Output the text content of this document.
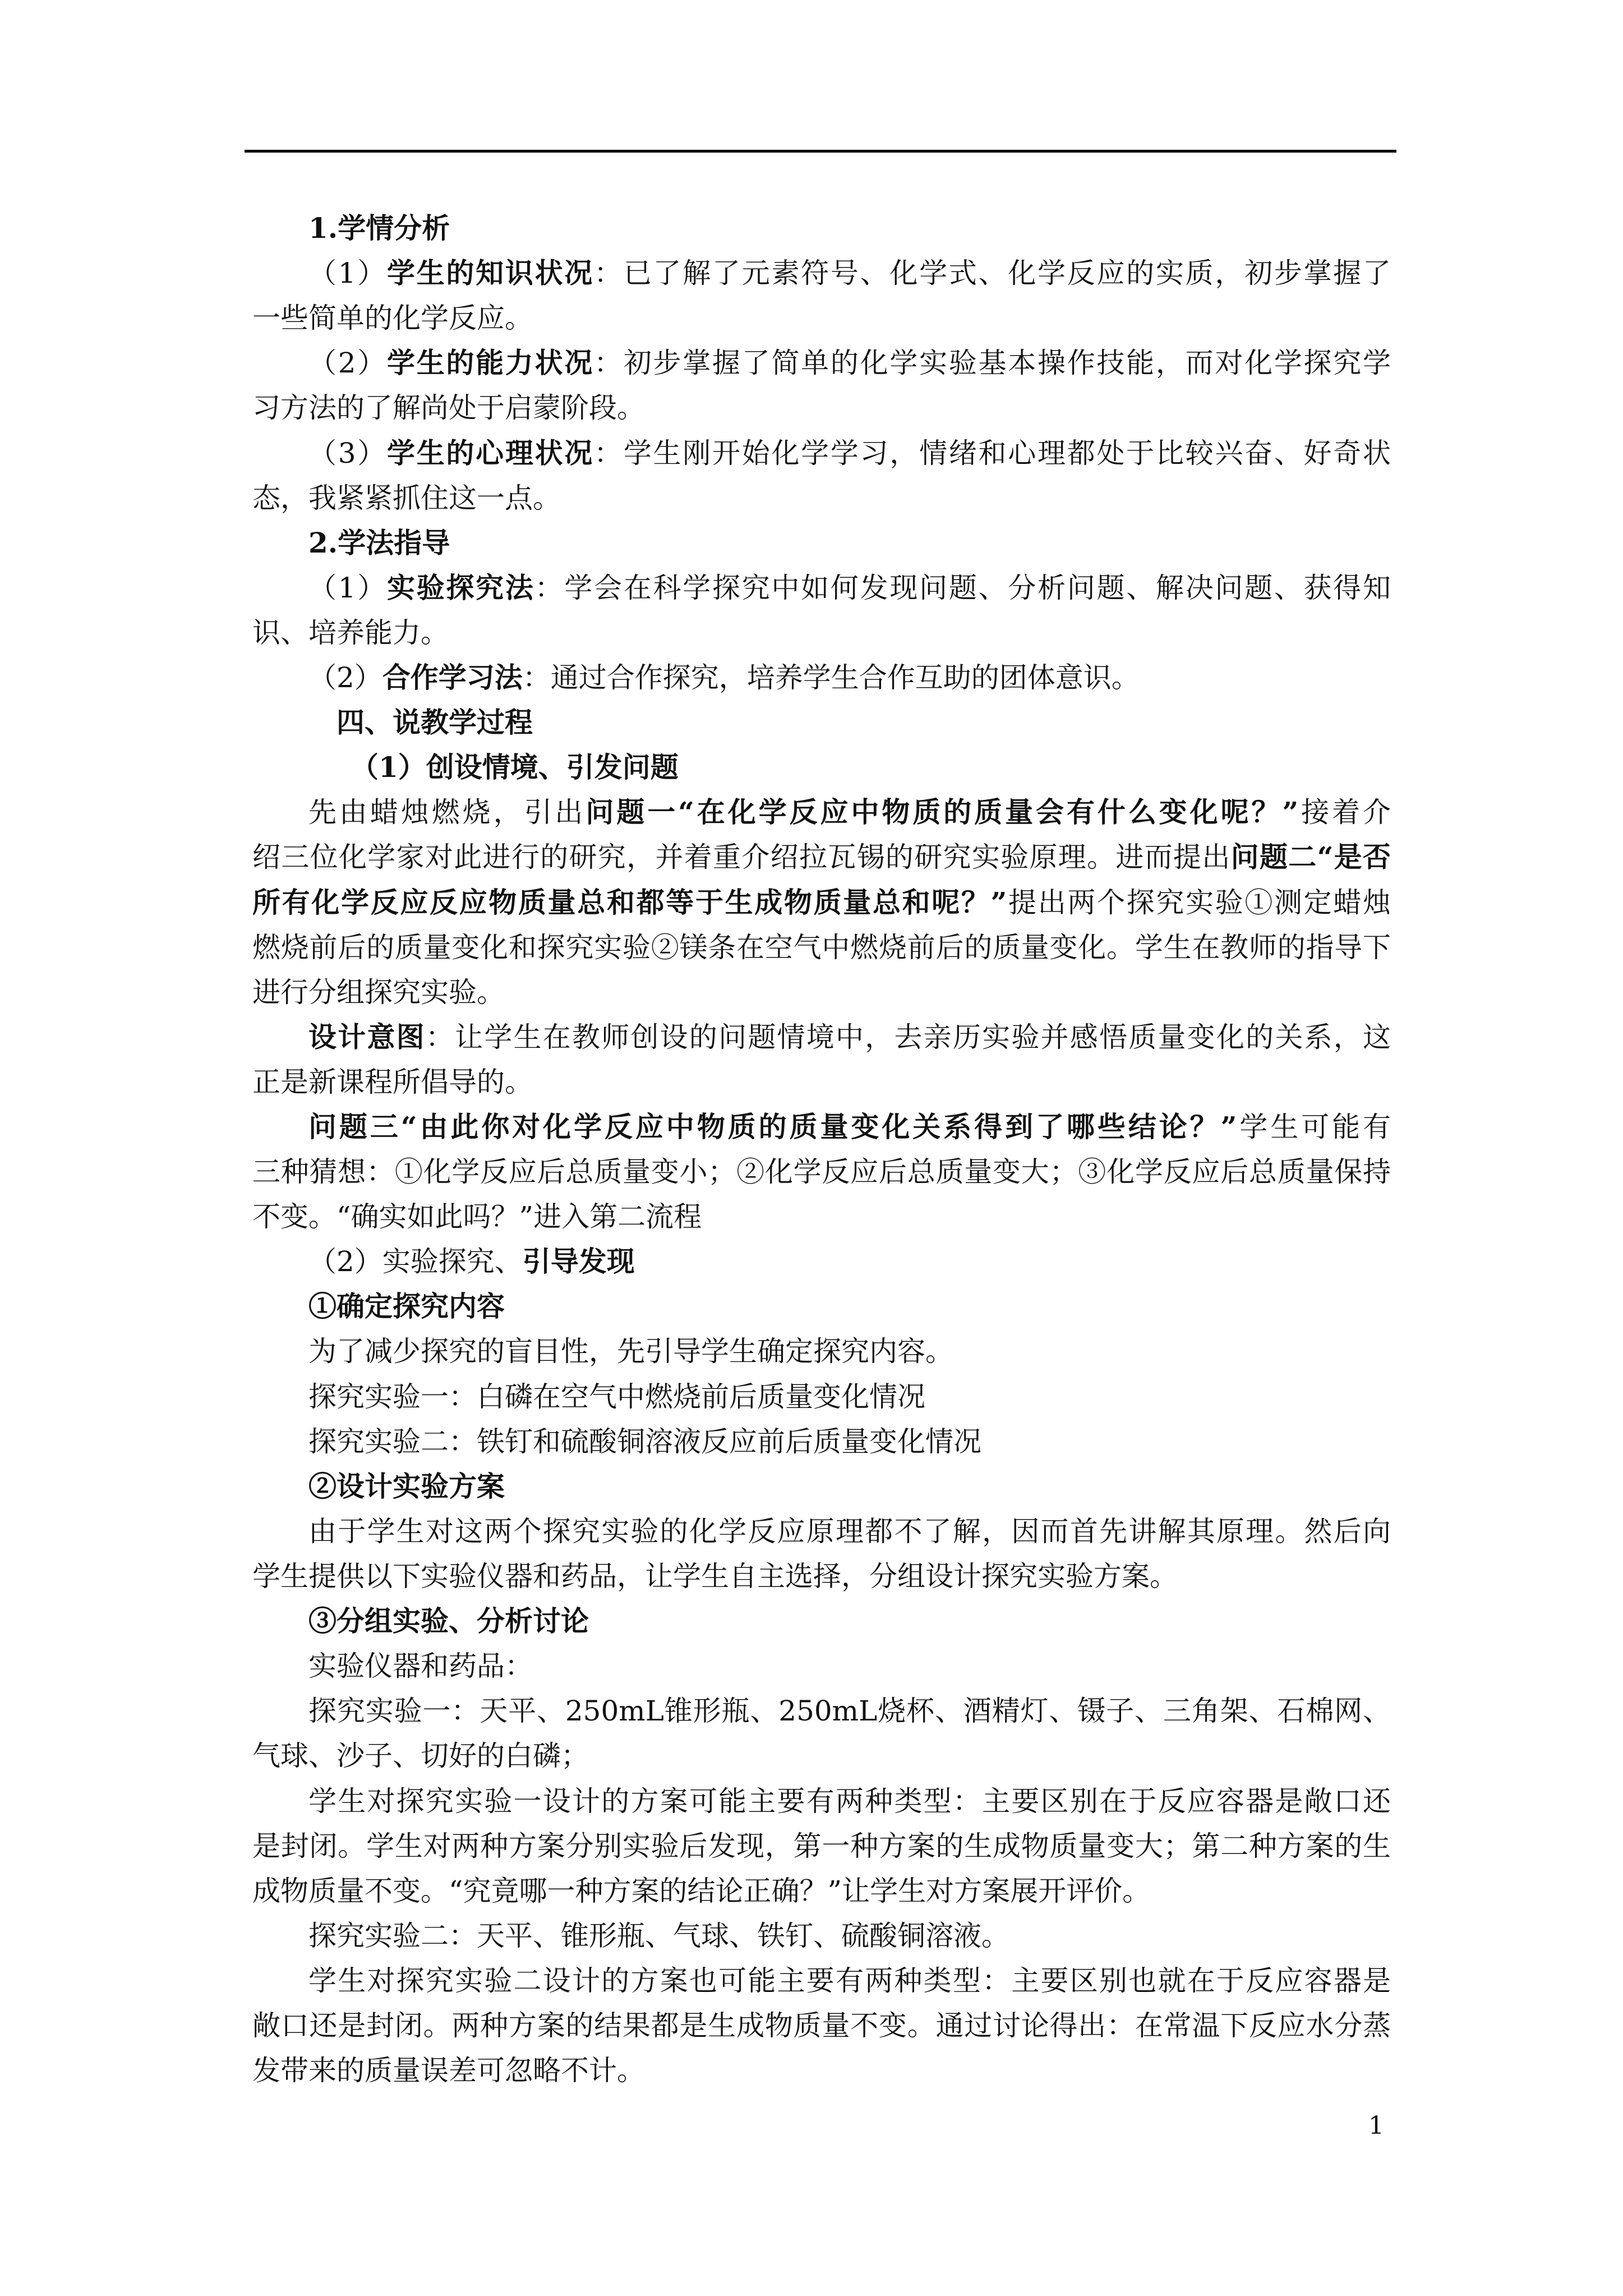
1.学情分析
（1）学生的知识状况：已了解了元素符号、化学式、化学反应的实质，初步掌握了
一些简单的化学反应。
（2）学生的能力状况：初步掌握了简单的化学实验基本操作技能，而对化学探究学
习方法的了解尚处于启蒙阶段。
（3）学生的心理状况：学生刚开始化学学习，情绪和心理都处于比较兴奋、好奇状
态，我紧紧抓住这一点。
2.学法指导
（1）实验探究法：学会在科学探究中如何发现问题、分析问题、解决问题、获得知
识、培养能力。
（2）合作学习法：通过合作探究，培养学生合作互助的团体意识。
四、说教学过程
（1）创设情境、引发问题
先由蜡烛燃烧，引出问题一“在化学反应中物质的质量会有什么变化呢？”接着介
绍三位化学家对此进行的研究，并着重介绍拉瓦锡的研究实验原理。进而提出问题二“是否
所有化学反应反应物质量总和都等于生成物质量总和呢？”提出两个探究实验①测定蜡烛
燃烧前后的质量变化和探究实验②镁条在空气中燃烧前后的质量变化。学生在教师的指导下
进行分组探究实验。
设计意图：让学生在教师创设的问题情境中，去亲历实验并感悟质量变化的关系，这
正是新课程所倡导的。
问题三“由此你对化学反应中物质的质量变化关系得到了哪些结论？”学生可能有
三种猜想：①化学反应后总质量变小；②化学反应后总质量变大；③化学反应后总质量保持
不变。“确实如此吗？”进入第二流程
（2）实验探究、引导发现
①确定探究内容
为了减少探究的盲目性，先引导学生确定探究内容。
探究实验一：白磷在空气中燃烧前后质量变化情况
探究实验二：铁钉和硫酸铜溶液反应前后质量变化情况
②设计实验方案
由于学生对这两个探究实验的化学反应原理都不了解，因而首先讲解其原理。然后向
学生提供以下实验仪器和药品，让学生自主选择，分组设计探究实验方案。
③分组实验、分析讨论
实验仪器和药品：
探究实验一：天平、250mL锥形瓶、250mL烧杯、酒精灯、镊子、三角架、石棉网、
气球、沙子、切好的白磷；
学生对探究实验一设计的方案可能主要有两种类型：主要区别在于反应容器是敞口还
是封闭。学生对两种方案分别实验后发现，第一种方案的生成物质量变大；第二种方案的生
成物质量不变。“究竟哪一种方案的结论正确？”让学生对方案展开评价。
探究实验二：天平、锥形瓶、气球、铁钉、硫酸铜溶液。
学生对探究实验二设计的方案也可能主要有两种类型：主要区别也就在于反应容器是
敞口还是封闭。两种方案的结果都是生成物质量不变。通过讨论得出：在常温下反应水分蒸
发带来的质量误差可忽略不计。
1
